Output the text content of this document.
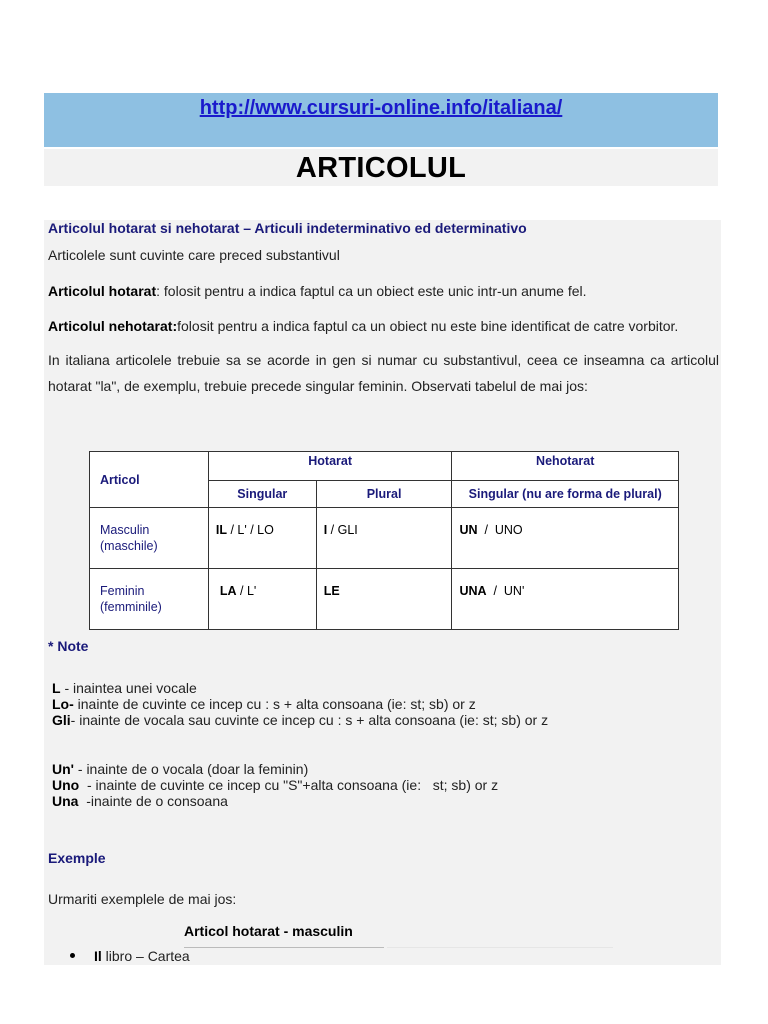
http://www.cursuri-online.info/italiana/
ARTICOLUL
Articolul hotarat si nehotarat – Articuli indeterminativo ed determinativo
Articolele sunt cuvinte care preced substantivul
Articolul hotarat: folosit pentru a indica faptul ca un obiect este unic intr-un anume fel.
Articolul nehotarat:folosit pentru a indica faptul ca un obiect nu este bine identificat de catre vorbitor.
In italiana articolele trebuie sa se acorde in gen si numar cu substantivul, ceea ce inseamna ca articolul hotarat "la", de exemplu, trebuie precede singular feminin. Observati tabelul de mai jos:
Articol	Hotarat		Nehotarat

	Singular	Plural	Singular (nu are forma de plural)

Masculin
(maschile)	IL / L' / LO	I / GLI	UN  /  UNO

Feminin
(femminile)	LA / L'	LE	UNA  /  UN'
* Note
L - inaintea unei vocale
Lo- inainte de cuvinte ce incep cu : s + alta consoana (ie: st; sb) or z
Gli- inainte de vocala sau cuvinte ce incep cu : s + alta consoana (ie: st; sb) or z
Un' - inainte de o vocala (doar la feminin)
Uno  - inainte de cuvinte ce incep cu "S"+alta consoana (ie:   st; sb) or z
Una  -inainte de o consoana
Exemple
Urmariti exemplele de mai jos:
Articol hotarat - masculin
Il libro – Cartea
